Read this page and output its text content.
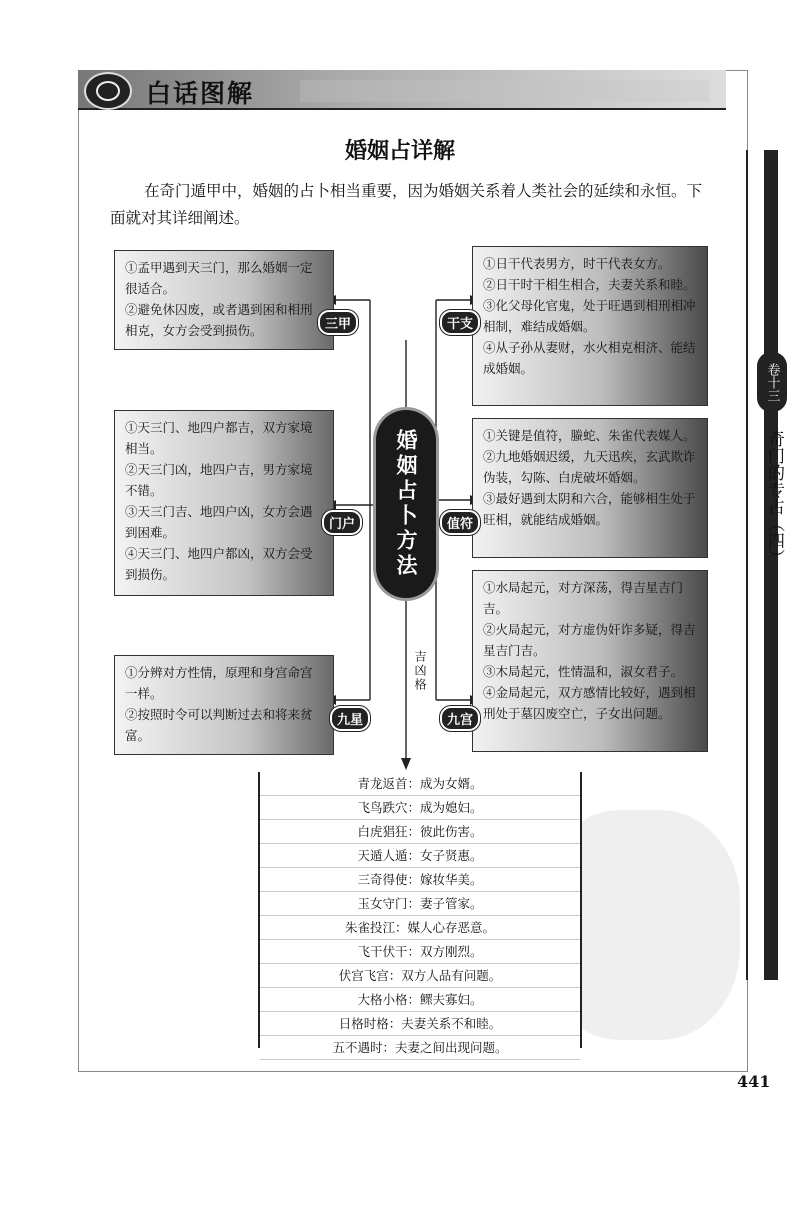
白话图解
卷十三
奇门的专占（四）
婚姻占详解
在奇门遁甲中，婚姻的占卜相当重要，因为婚姻关系着人类社会的延续和永恒。下面就对其详细阐述。

①孟甲遇到天三门，那么婚姻一定很适合。

②避免休囚废，或者遇到困和相刑相克，女方会受到损伤。	三甲

①天三门、地四户都吉，双方家境相当。

②天三门凶，地四户吉，男方家境不错。

③天三门吉、地四户凶，女方会遇到困难。

④天三门、地四户都凶，双方会受到损伤。

门户

①分辨对方性情，原理和身宫命宫一样。

②按照时令可以判断过去和将来贫富。

九星

①日干代表男方，时干代表女方。

②日干时干相生相合，夫妻关系和睦。

③化父母化官鬼，处于旺遇到相刑相冲相制，难结成婚姻。

④从子孙从妻财，水火相克相济、能结成婚姻。

干支

①关键是值符，螣蛇、朱雀代表媒人。

②九地婚姻迟缓，九天迅疾，玄武欺诈伪装，勾陈、白虎破坏婚姻。

③最好遇到太阴和六合，能够相生处于旺相，就能结成婚姻。

值符

①水局起元，对方深荡，得吉星吉门吉。

②火局起元，对方虚伪奸诈多疑，得吉星吉门吉。

③木局起元，性情温和，淑女君子。

④金局起元，双方感情比较好，遇到相刑处于墓囚废空亡，子女出问题。

九宫
婚姻占卜方法
吉凶格
青龙返首：成为女婿。
飞鸟跌穴：成为媳妇。
白虎猖狂：彼此伤害。
天遁人遁：女子贤惠。
三奇得使：嫁妆华美。
玉女守门：妻子管家。
朱雀投江：媒人心存恶意。
飞干伏干：双方刚烈。
伏宫飞宫：双方人品有问题。
大格小格：鳏夫寡妇。
日格时格：夫妻关系不和睦。
五不遇时：夫妻之间出现问题。
441
